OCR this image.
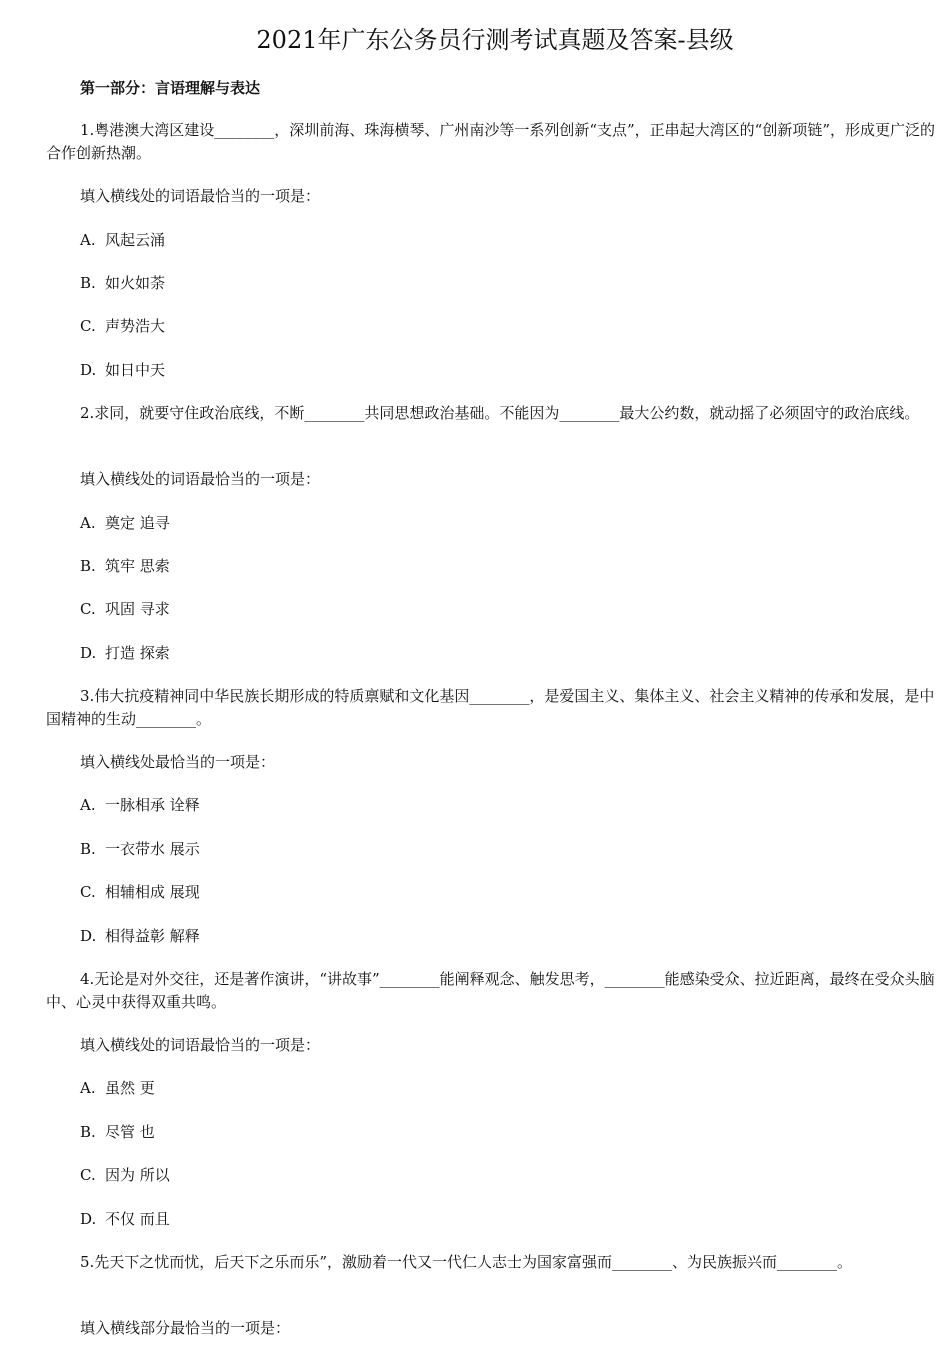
2021年广东公务员行测考试真题及答案-县级
第一部分：言语理解与表达
1.粤港澳大湾区建设________，深圳前海、珠海横琴、广州南沙等一系列创新“支点”，正串起大湾区的“创新项链”，形成更广泛的合作创新热潮。
填入横线处的词语最恰当的一项是：
A. 风起云涌
B. 如火如荼
C. 声势浩大
D. 如日中天
2.求同，就要守住政治底线，不断________共同思想政治基础。不能因为________最大公约数，就动摇了必须固守的政治底线。
填入横线处的词语最恰当的一项是：
A. 奠定 追寻
B. 筑牢 思索
C. 巩固 寻求
D. 打造 探索
3.伟大抗疫精神同中华民族长期形成的特质禀赋和文化基因________，是爱国主义、集体主义、社会主义精神的传承和发展，是中国精神的生动________。
填入横线处最恰当的一项是：
A. 一脉相承 诠释
B. 一衣带水 展示
C. 相辅相成 展现
D. 相得益彰 解释
4.无论是对外交往，还是著作演讲，“讲故事”________能阐释观念、触发思考，________能感染受众、拉近距离，最终在受众头脑中、心灵中获得双重共鸣。
填入横线处的词语最恰当的一项是：
A. 虽然 更
B. 尽管 也
C. 因为 所以
D. 不仅 而且
5.先天下之忧而忧，后天下之乐而乐”，激励着一代又一代仁人志士为国家富强而________、为民族振兴而________。
填入横线部分最恰当的一项是：
